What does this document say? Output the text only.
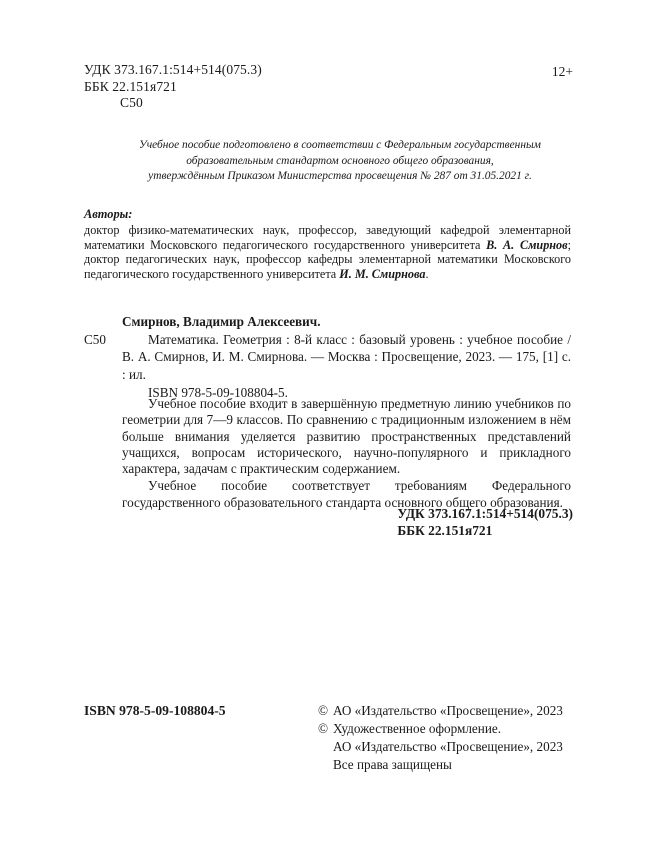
УДК 373.167.1:514+514(075.3)
ББК 22.151я721
С50
12+
Учебное пособие подготовлено в соответствии с Федеральным государственным
образовательным стандартом основного общего образования,
утверждённым Приказом Министерства просвещения № 287 от 31.05.2021 г.
Авторы:
доктор физико-математических наук, профессор, заведующий кафедрой элементарной математики Московского педагогического государственного университета В. А. Смирнов; доктор педагогических наук, профессор кафедры элементарной математики Московского педагогического государственного университета И. М. Смирнова.
Смирнов, Владимир Алексеевич.
С50	Математика. Геометрия : 8-й класс : базовый уровень : учебное пособие / В. А. Смирнов, И. М. Смирнова. — Москва : Просвещение, 2023. — 175, [1] с. : ил.
ISBN 978-5-09-108804-5.

Учебное пособие входит в завершённую предметную линию учебников по геометрии для 7—9 классов. По сравнению с традиционным изложением в нём больше внимания уделяется развитию пространственных представлений учащихся, вопросам исторического, научно-популярного и прикладного характера, задачам с практическим содержанием.

Учебное пособие соответствует требованиям Федерального государственного образовательного стандарта основного общего образования.

УДК 373.167.1:514+514(075.3)
ББК 22.151я721
ISBN 978-5-09-108804-5	© АО «Издательство «Просвещение», 2023
© Художественное оформление.
АО «Издательство «Просвещение», 2023
Все права защищены
